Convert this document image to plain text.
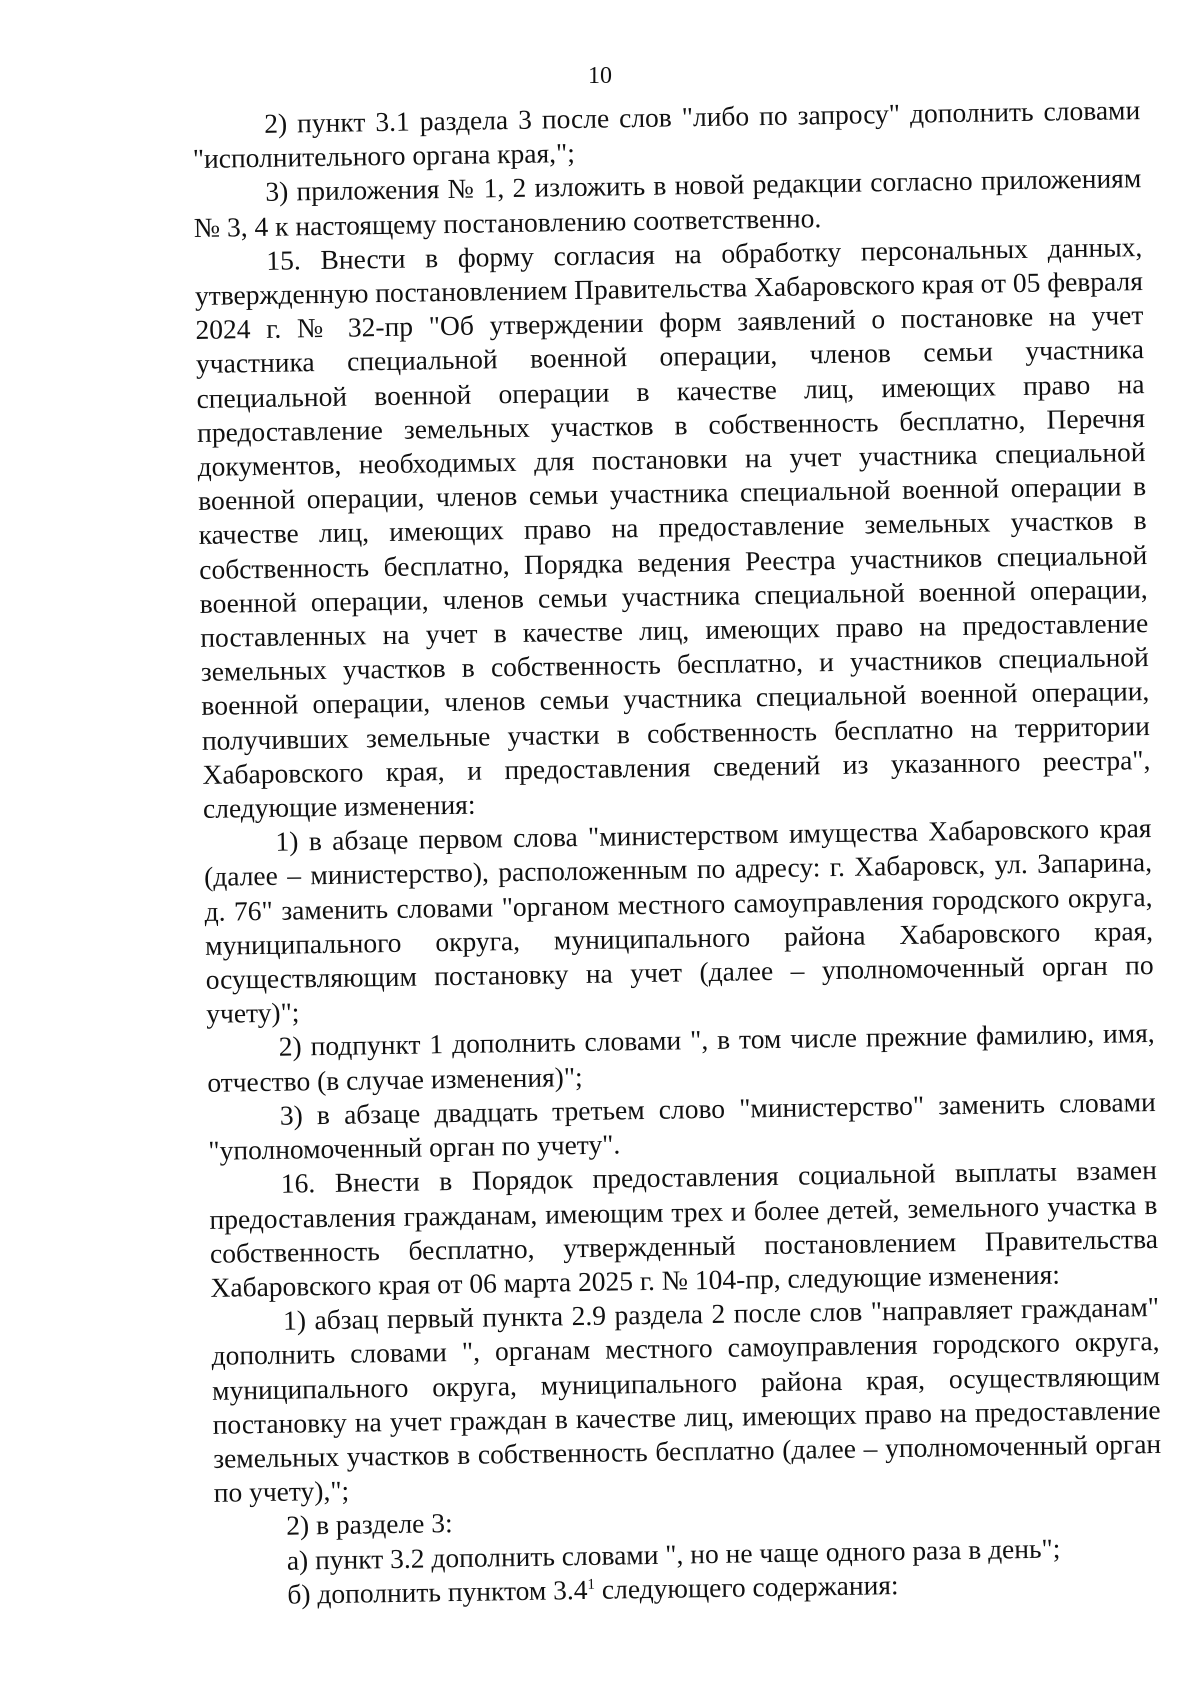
10

2) пункт 3.1 раздела 3 после слов "либо по запросу" дополнить словами "исполнительного органа края,";

3) приложения № 1, 2 изложить в новой редакции согласно приложениям № 3, 4 к настоящему постановлению соответственно.

15. Внести в форму согласия на обработку персональных данных, утвержденную постановлением Правительства Хабаровского края от 05 февраля 2024 г. № 32-пр "Об утверждении форм заявлений о постановке на учет участника специальной военной операции, членов семьи участника специальной военной операции в качестве лиц, имеющих право на предоставление земельных участков в собственность бесплатно, Перечня документов, необходимых для постановки на учет участника специальной военной операции, членов семьи участника специальной военной операции в качестве лиц, имеющих право на предоставление земельных участков в собственность бесплатно, Порядка ведения Реестра участников специальной военной операции, членов семьи участника специальной военной операции, поставленных на учет в качестве лиц, имеющих право на предоставление земельных участков в собственность бесплатно, и участников специальной военной операции, членов семьи участника специальной военной операции, получивших земельные участки в собственность бесплатно на территории Хабаровского края, и предоставления сведений из указанного реестра", следующие изменения:

1) в абзаце первом слова "министерством имущества Хабаровского края (далее – министерство), расположенным по адресу: г. Хабаровск, ул. Запарина, д. 76" заменить словами "органом местного самоуправления городского округа, муниципального округа, муниципального района Хабаровского края, осуществляющим постановку на учет (далее – уполномоченный орган по учету)";

2) подпункт 1 дополнить словами ", в том числе прежние фамилию, имя, отчество (в случае изменения)";

3) в абзаце двадцать третьем слово "министерство" заменить словами "уполномоченный орган по учету".

16. Внести в Порядок предоставления социальной выплаты взамен предоставления гражданам, имеющим трех и более детей, земельного участка в собственность бесплатно, утвержденный постановлением Правительства Хабаровского края от 06 марта 2025 г. № 104-пр, следующие изменения:

1) абзац первый пункта 2.9 раздела 2 после слов "направляет гражданам" дополнить словами ", органам местного самоуправления городского округа, муниципального округа, муниципального района края, осуществляющим постановку на учет граждан в качестве лиц, имеющих право на предоставление земельных участков в собственность бесплатно (далее – уполномоченный орган по учету),";

2) в разделе 3:

а) пункт 3.2 дополнить словами ", но не чаще одного раза в день";

б) дополнить пунктом $3.4^1$ следующего содержания:
